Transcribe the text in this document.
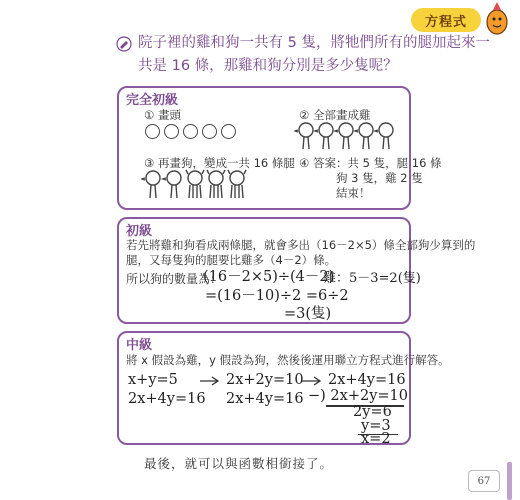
方程式
院子裡的雞和狗一共有 5 隻，將牠們所有的腿加起來一
共是 16 條，那雞和狗分別是多少隻呢？
完全初級
① 畫頭	② 全部畫成雞
③ 再畫狗，變成一共 16 條腿 ④ 答案：共 5 隻，腿 16 條
狗 3 隻，雞 2 隻
結束！
初級
若先將雞和狗看成兩條腿，就會多出（16－2×5）條全部狗少算到的
腿，又每隻狗的腿要比雞多（4－2）條。
所以狗的數量為：
(16－2×5)÷(4－2)
=(16－10)÷2 =6÷2
=3(隻)
雞：5－3=2(隻)
中級
將 x 假設為雞，y 假設為狗，然後後運用聯立方程式進行解答。
x+y=5
2x+4y=16
2x+2y=10
2x+4y=16
2x+4y=16
−) 2x+2y=10
2y=6
y=3
x=2
最後，就可以與函數相銜接了。
67
